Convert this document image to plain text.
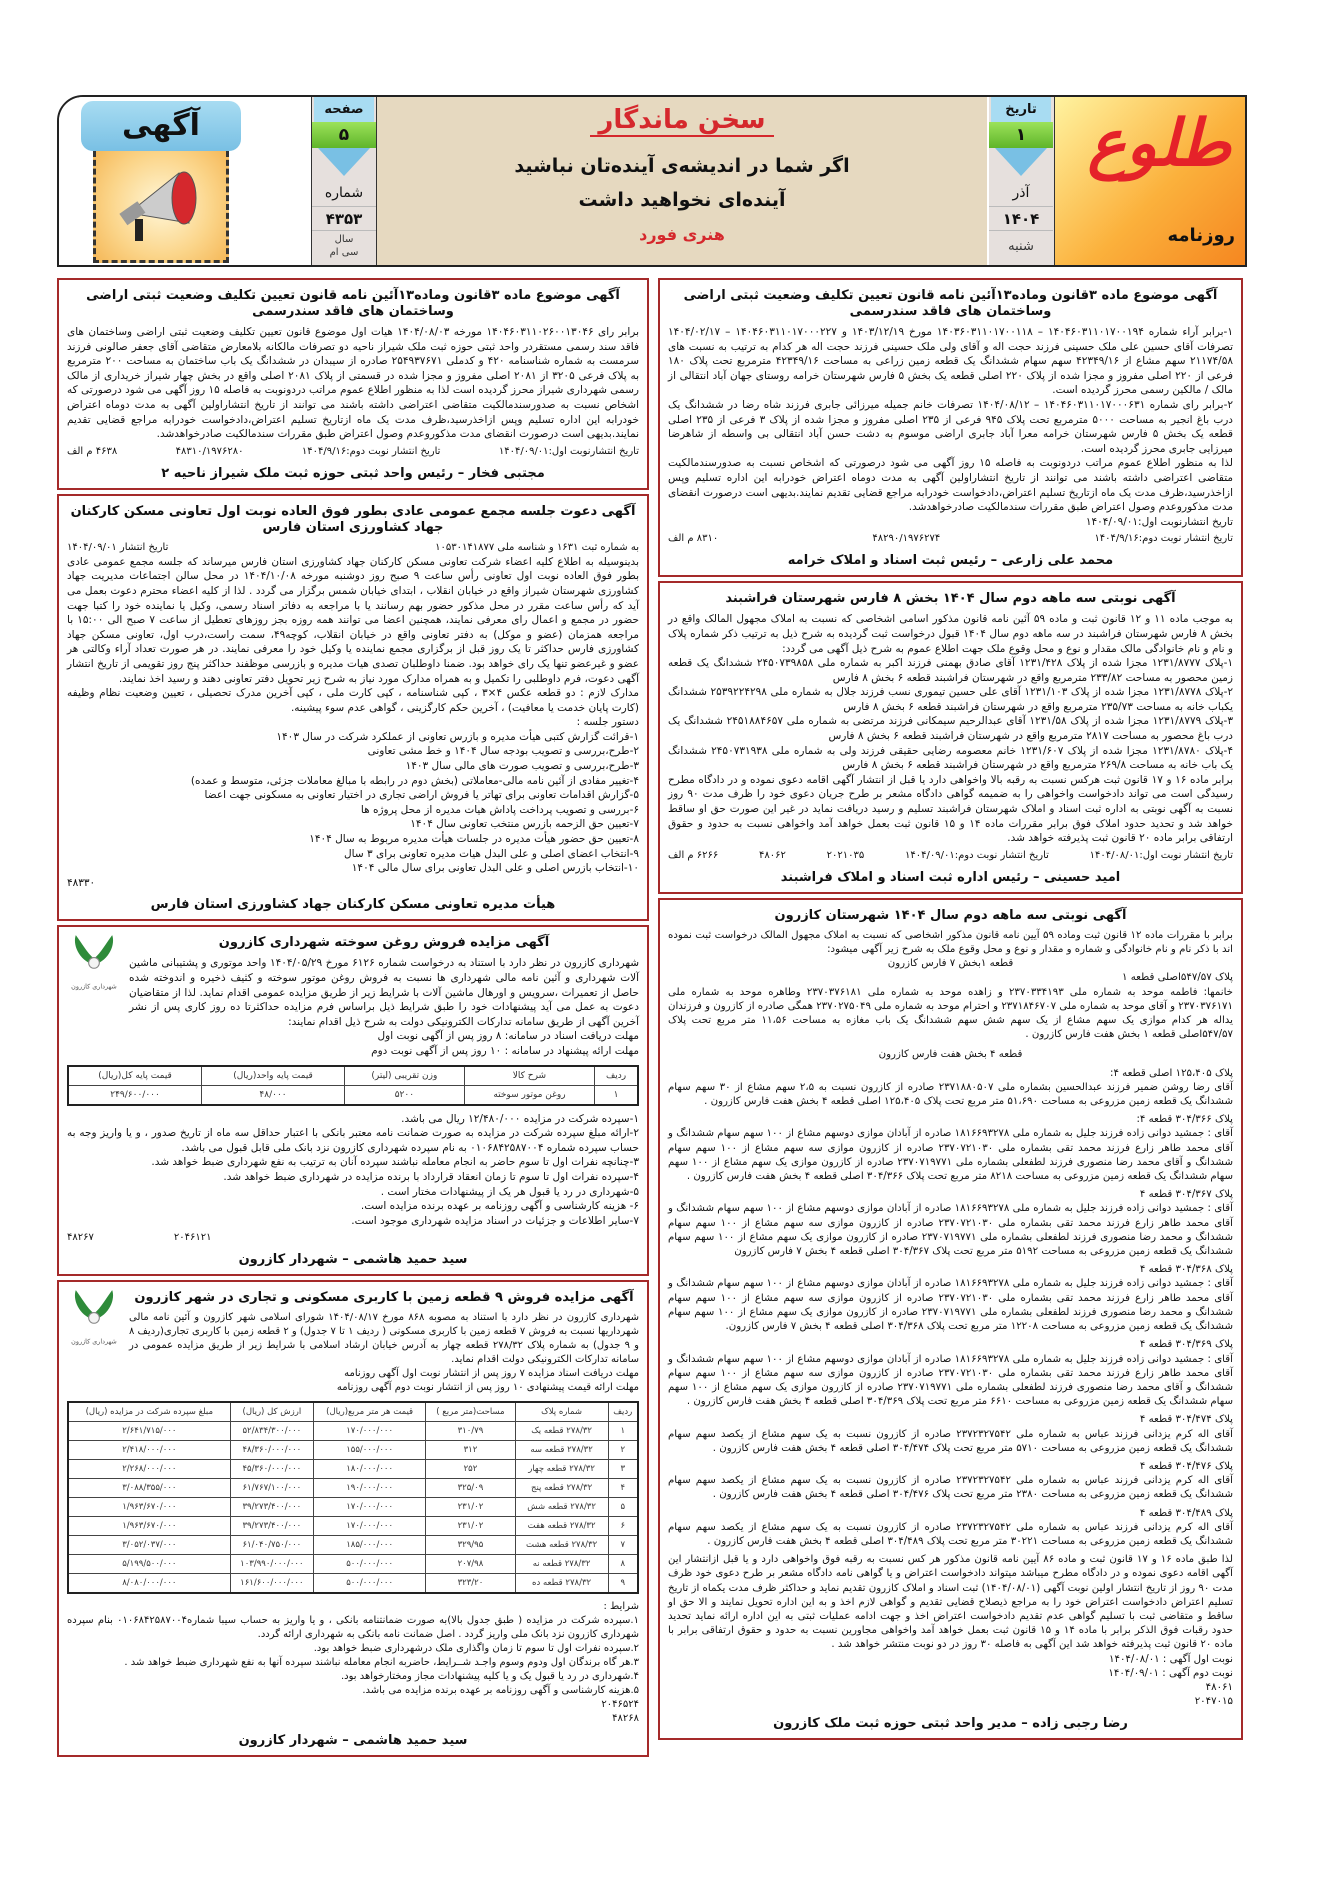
آگهی	صفحه
۵
شماره
۴۳۵۳
سال
سی ام
سخن ماندگار
اگر شما در اندیشه‌ی آینده‌تان نباشید
آینده‌ای نخواهید داشت
هنری فورد
تاریخ
۱
آذر
۱۴۰۴
شنبه
طلوع
روزنامه
آگهی موضوع ماده ۳قانون وماده۱۳آئین نامه قانون تعیین تکلیف وضعیت ثبتی اراضی وساختمان های فاقد سندرسمی

۱-برابر آراء شماره ۱۴۰۴۶۰۳۱۱۰۱۷۰۰۱۹۴ – ۱۴۰۳۶۰۳۱۱۰۱۷۰۰۱۱۸ مورخ ۱۴۰۳/۱۲/۱۹ و ۱۴۰۴۶۰۳۱۱۰۱۷۰۰۰۲۲۷ – ۱۴۰۴/۰۲/۱۷ تصرفات آقای حسین علی ملک حسینی فرزند حجت اله و آقای ولی ملک حسینی فرزند حجت اله هر کدام به ترتیب به نسبت های ۲۱۱۷۴/۵۸ سهم مشاع از ۴۲۳۴۹/۱۶ سهم سهام ششدانگ یک قطعه زمین زراعی به مساحت ۴۲۳۴۹/۱۶ مترمربع تحت پلاک ۱۸۰ فرعی از ۲۲۰ اصلی مفروز و مجزا شده از پلاک ۲۲۰ اصلی قطعه یک بخش ۵ فارس شهرستان خرامه روستای جهان آباد انتقالی از مالک / مالکین رسمی محرز گردیده است.

۲-برابر رای شماره ۱۴۰۴۶۰۳۱۱۰۱۷۰۰۰۶۳۱ – ۱۴۰۴/۰۸/۱۲ تصرفات خانم جمیله میرزائی جابری فرزند شاه رضا در ششدانگ یک درب باغ انجیر به مساحت ۵۰۰۰ مترمربع تحت پلاک ۹۴۵ فرعی از ۲۳۵ اصلی مفروز و مجزا شده از پلاک ۳ فرعی از ۲۳۵ اصلی قطعه یک بخش ۵ فارس شهرستان خرامه معرا آباد جابری اراضی موسوم به دشت حسن آباد انتقالی بی واسطه از شاهرضا میرزایی جابری محرز گردیده است.

لذا به منظور اطلاع عموم مراتب دردونوبت به فاصله ۱۵ روز آگهی می شود درصورتی که اشخاص نسبت به صدورسندمالکیت متقاضی اعتراضی داشته باشند می توانند از تاریخ انتشاراولین آگهی به مدت دوماه اعتراض خودرابه این اداره تسلیم وپس ازاخذرسید،ظرف مدت یک ماه ازتاریخ تسلیم اعتراض،دادخواست خودرابه مراجع قضایی تقدیم نمایند.بدیهی است درصورت انقضای مدت مذکوروعدم وصول اعتراض طبق مقررات سندمالکیت صادرخواهدشد.

تاریخ انتشارنوبت اول:۱۴۰۴/۰۹/۰۱

تاریخ انتشار نوبت دوم:۱۴۰۴/۹/۱۶
۴۸۲۹۰/۱۹۷۶۲۷۴
۸۳۱۰ م الف
محمد علی زارعی – رئیس ثبت اسناد و املاک خرامه
آگهی نوبتی سه ماهه دوم سال ۱۴۰۴ بخش ۸ فارس شهرستان فراشبند

به موجب ماده ۱۱ و ۱۲ قانون ثبت و ماده ۵۹ آئین نامه قانون مذکور اسامی اشخاصی که نسبت به املاک مجهول المالک واقع در بخش ۸ فارس شهرستان فراشبند در سه ماهه دوم سال ۱۴۰۴ قبول درخواست ثبت گردیده به شرح ذیل به ترتیب ذکر شماره پلاک و نام و نام خانوادگی مالک مقدار و نوع و محل وقوع ملک جهت اطلاع عموم به شرح ذیل آگهی می گردد:

۱-پلاک ۱۲۳۱/۸۷۷۷ مجزا شده از پلاک ۱۲۳۱/۴۲۸ آقای صادق بهمنی فرزند اکبر به شماره ملی ۲۴۵۰۷۳۹۸۵۸ ششدانگ یک قطعه زمین محصور به مساحت ۲۳۳/۸۲ مترمربع واقع در شهرستان فراشبند قطعه ۶ بخش ۸ فارس

۲-پلاک ۱۲۳۱/۸۷۷۸ مجزا شده از پلاک ۱۲۳۱/۱۰۳ آقای علی حسین تیموری نسب فرزند جلال به شماره ملی ۲۵۳۹۲۲۴۲۹۸ ششدانگ یکباب خانه به مساحت ۲۳۵/۷۳ مترمربع واقع در شهرستان فراشبند قطعه ۶ بخش ۸ فارس

۳-پلاک ۱۲۳۱/۸۷۷۹ مجزا شده از پلاک ۱۲۳۱/۵۸ آقای عبدالرحیم سیمکانی فرزند مرتضی به شماره ملی ۲۴۵۱۸۸۴۶۵۷ ششدانگ یک درب باغ محصور به مساحت ۲۸۱۷ مترمربع واقع در شهرستان فراشبند قطعه ۶ بخش ۸ فارس

۴-پلاک ۱۲۳۱/۸۷۸۰ مجزا شده از پلاک ۱۲۳۱/۶۰۷ خانم معصومه رضایی حقیقی فرزند ولی به شماره ملی ۲۴۵۰۷۳۱۹۳۸ ششدانگ یک باب خانه به مساحت ۲۶۹/۸ مترمربع واقع در شهرستان فراشبند قطعه ۶ بخش ۸ فارس

برابر ماده ۱۶ و ۱۷ قانون ثبت هرکس نسبت به رقبه بالا واخواهی دارد یا قبل از انتشار آگهی اقامه دعوی نموده و در دادگاه مطرح رسیدگی است می تواند دادخواست واخواهی را به ضمیمه گواهی دادگاه مشعر بر طرح جریان دعوی خود را ظرف مدت ۹۰ روز نسبت به آگهی نوبتی به اداره ثبت اسناد و املاک شهرستان فراشبند تسلیم و رسید دریافت نماید در غیر این صورت حق او ساقط خواهد شد و تحدید حدود املاک فوق برابر مقررات ماده ۱۴ و ۱۵ قانون ثبت بعمل خواهد آمد واخواهی نسبت به حدود و حقوق ارتفاقی برابر ماده ۲۰ قانون ثبت پذیرفته خواهد شد.

تاریخ انتشار نوبت اول:۱۴۰۴/۰۸/۰۱
تاریخ انتشار نوبت دوم:۱۴۰۴/۰۹/۰۱
۲۰۲۱۰۳۵
۴۸۰۶۲
۶۲۶۶ م الف
امید حسینی – رئیس اداره ثبت اسناد و املاک فراشبند
آگهی نوبتی سه ماهه دوم سال ۱۴۰۴ شهرستان کازرون

برابر با مقررات ماده ۱۲ قانون ثبت وماده ۵۹ آیین نامه قانون مذکور اشخاصی که نسبت به املاک مجهول المالک درخواست ثبت نموده اند با ذکر نام و نام خانوادگی و شماره و مقدار و نوع و محل وقوع ملک به شرح زیر آگهی میشود:

قطعه ۱بخش ۷ فارس کازرون

پلاک ۵۴۷/۵۷اصلی قطعه ۱

خانمها: فاطمه موحد به شماره ملی ۲۳۷۰۳۳۴۱۹۳ و زاهده موحد به شماره ملی ۲۳۷۰۳۷۶۱۸۱ وطاهره موحد به شماره ملی ۲۳۷۰۳۷۶۱۷۱ و آقای موحد به شماره ملی ۲۳۷۱۸۴۶۷۰۷ و احترام موحد به شماره ملی ۲۳۷۰۲۷۵۰۴۹ همگی صادره از کازرون و فرزندان یداله هر کدام موازی یک سهم مشاع از یک سهم شش سهم ششدانگ یک باب مغازه به مساحت ۱۱،۵۶ متر مربع تحت پلاک ۵۴۷/۵۷اصلی قطعه ۱ بخش هفت فارس کازرون .

قطعه ۴ بخش هفت فارس کازرون

پلاک ۱۲۵،۴۰۵ اصلی قطعه ۴:

آقای رضا روشن ضمیر فرزند عبدالحسین بشماره ملی ۲۳۷۱۸۸۰۵۰۷ صادره از کازرون نسبت به ۲،۵ سهم مشاع از ۳۰ سهم سهام ششدانگ یک قطعه زمین مزروعی به مساحت ۵۱،۶۹۰ متر مربع تحت پلاک ۱۲۵،۴۰۵ اصلی قطعه ۴ بخش هفت فارس کازرون .

پلاک ۳۰۴/۳۶۶ قطعه ۴:

آقای : جمشید دوانی زاده فرزند جلیل به شماره ملی ۱۸۱۶۶۹۳۲۷۸ صادره از آبادان موازی دوسهم مشاع از ۱۰۰ سهم سهام ششدانگ و آقای محمد طاهر زارع فرزند محمد تقی بشماره ملی ۲۳۷۰۷۲۱۰۳۰ صادره از کازرون موازی سه سهم مشاع از ۱۰۰ سهم سهام ششدانگ و آقای محمد رضا منصوری فرزند لطفعلی بشماره ملی ۲۳۷۰۷۱۹۷۷۱ صادره از کازرون موازی یک سهم مشاع از ۱۰۰ سهم سهام ششدانگ یک قطعه زمین مزروعی به مساحت ۸۲۱۸ متر مربع تحت پلاک ۳۰۴/۳۶۶ اصلی قطعه ۴ بخش هفت فارس کازرون .

پلاک ۳۰۴/۳۶۷ قطعه ۴

آقای : جمشید دوانی زاده فرزند جلیل به شماره ملی ۱۸۱۶۶۹۳۲۷۸ صادره از آبادان موازی دوسهم مشاع از ۱۰۰ سهم سهام ششدانگ و آقای محمد طاهر زارع فرزند محمد تقی بشماره ملی ۲۳۷۰۷۲۱۰۳۰ صادره از کازرون موازی سه سهم مشاع از ۱۰۰ سهم سهام ششدانگ و محمد رضا منصوری فرزند لطفعلی بشماره ملی ۲۳۷۰۷۱۹۷۷۱ صادره از کازرون موازی یک سهم مشاع از ۱۰۰ سهم سهام ششدانگ یک قطعه زمین مزروعی به مساحت ۵۱۹۲ متر مربع تحت پلاک ۳۰۴/۳۶۷ اصلی قطعه ۴ بخش ۷ فارس کازرون

پلاک ۳۰۴/۳۶۸ قطعه ۴

آقای : جمشید دوانی زاده فرزند جلیل به شماره ملی ۱۸۱۶۶۹۳۲۷۸ صادره از آبادان موازی دوسهم مشاع از ۱۰۰ سهم سهام ششدانگ و آقای محمد طاهر زارع فرزند محمد تقی بشماره ملی ۲۳۷۰۷۲۱۰۳۰ صادره از کازرون موازی سه سهم مشاع از ۱۰۰ سهم سهام ششدانگ و محمد رضا منصوری فرزند لطفعلی بشماره ملی ۲۳۷۰۷۱۹۷۷۱ صادره از کازرون موازی یک سهم مشاع از ۱۰۰ سهم سهام ششدانگ یک قطعه زمین مزروعی به مساحت ۱۲۲۰۸ متر مربع تحت پلاک ۳۰۴/۳۶۸ اصلی قطعه ۴ بخش ۷ فارس کازرون.

پلاک ۳۰۴/۳۶۹ قطعه ۴

آقای : جمشید دوانی زاده فرزند جلیل به شماره ملی ۱۸۱۶۶۹۳۲۷۸ صادره از آبادان موازی دوسهم مشاع از ۱۰۰ سهم سهام ششدانگ و آقای محمد طاهر زارع فرزند محمد تقی بشماره ملی ۲۳۷۰۷۲۱۰۳۰ صادره از کازرون موازی سه سهم مشاع از ۱۰۰ سهم سهام ششدانگ و آقای محمد رضا منصوری فرزند لطفعلی بشماره ملی ۲۳۷۰۷۱۹۷۷۱ صادره از کازرون موازی یک سهم مشاع از ۱۰۰ سهم سهام ششدانگ یک قطعه زمین مزروعی به مساحت ۶۶۱۰ متر مربع تحت پلاک ۳۰۴/۳۶۹ اصلی قطعه ۴ بخش هفت فارس کازرون .

پلاک ۳۰۴/۴۷۴ قطعه ۴

آقای اله کرم یزدانی فرزند عباس به شماره ملی ۲۳۷۲۳۲۷۵۴۲ صادره از کازرون نسبت به یک سهم مشاع از یکصد سهم سهام ششدانگ یک قطعه زمین مزروعی به مساحت ۵۷۱۰ متر مربع تحت پلاک ۳۰۴/۴۷۴ اصلی قطعه ۴ بخش هفت فارس کازرون .

پلاک ۳۰۴/۴۷۶ قطعه ۴

آقای اله کرم یزدانی فرزند عباس به شماره ملی ۲۳۷۲۳۲۷۵۴۲ صادره از کازرون نسبت به یک سهم مشاع از یکصد سهم سهام ششدانگ یک قطعه زمین مزروعی به مساحت ۲۳۸۰ متر مربع تحت پلاک ۳۰۴/۴۷۶ اصلی قطعه ۴ بخش هفت فارس کازرون .

پلاک ۳۰۴/۴۸۹ قطعه ۴

آقای اله کرم یزدانی فرزند عباس به شماره ملی ۲۳۷۲۳۲۷۵۴۲ صادره از کازرون نسبت به یک سهم مشاع از یکصد سهم سهام ششدانگ یک قطعه زمین مزروعی به مساحت ۳۰۲۲۱ متر مربع تحت پلاک ۳۰۴/۴۸۹ اصلی قطعه ۴ بخش هفت فارس کازرون .

لذا طبق ماده ۱۶ و ۱۷ قانون ثبت و ماده ۸۶ آیین نامه قانون مذکور هر کس نسبت به رقبه فوق واخواهی دارد و یا قبل ازانتشار این آگهی اقامه دعوی نموده و در دادگاه مطرح میباشد میتواند دادخواست اعتراض و یا گواهی نامه دادگاه مشعر بر طرح دعوی خود ظرف مدت ۹۰ روز از تاریخ انتشار اولین نوبت آگهی (۱۴۰۴/۰۸/۰۱) ثبت اسناد و املاک کازرون تقدیم نماید و حداکثر ظرف مدت یکماه از تاریخ تسلیم اعتراض دادخواست اعتراض خود را به مراجع ذیصلاح قضایی تقدیم و گواهی لازم اخذ و به این اداره تحویل نمایند و الا حق او ساقط و متقاضی ثبت با تسلیم گواهی عدم تقدیم دادخواست اعتراض اخذ و جهت ادامه عملیات ثبتی به این اداره ارائه نماید تحدید حدود رقبات فوق الذکر برابر با ماده ۱۴ و ۱۵ قانون ثبت بعمل خواهد آمد واخواهی مجاورین نسبت به حدود و حقوق ارتفاقی برابر با ماده ۲۰ قانون ثبت پذیرفته خواهد شد این آگهی به فاصله ۳۰ روز در دو نوبت منتشر خواهد شد .

نوبت اول آگهی : ۱۴۰۴/۰۸/۰۱

نوبت دوم آگهی : ۱۴۰۴/۰۹/۰۱

۴۸۰۶۱

۲۰۴۷۰۱۵

رضا رجبی زاده – مدیر واحد ثبتی حوزه ثبت ملک کازرون
آگهی موضوع ماده ۳قانون وماده۱۳آئین نامه قانون تعیین تکلیف وضعیت ثبتی اراضی وساختمان های فاقد سندرسمی

برابر رای ۱۴۰۴۶۰۳۱۱۰۲۶۰۰۱۳۰۴۶ مورخه ۱۴۰۴/۰۸/۰۳ هیات اول موضوع قانون تعیین تکلیف وضعیت ثبتی اراضی وساختمان های فاقد سند رسمی مستقردر واحد ثبتی حوزه ثبت ملک شیراز ناحیه دو تصرفات مالکانه بلامعارض متقاضی آقای جعفر صالونی فرزند سرمست به شماره شناسنامه ۴۲۰ و کدملی ۲۵۴۹۳۷۶۷۱ صادره از سیبدان در ششدانگ یک باب ساختمان به مساحت ۲۰۰ مترمربع به پلاک فرعی ۳۲۰۵ از ۲۰۸۱ اصلی مفروز و مجزا شده در قسمتی از پلاک ۲۰۸۱ اصلی واقع در بخش چهار شیراز خریداری از مالک رسمی شهرداری شیراز محرز گردیده است لذا به منظور اطلاع عموم مراتب دردونوبت به فاصله ۱۵ روز آگهی می شود درصورتی که اشخاص نسبت به صدورسندمالکیت متقاضی اعتراضی داشته باشند می توانند از تاریخ انتشاراولین آگهی به مدت دوماه اعتراض خودرابه این اداره تسلیم وپس ازاخذرسید،ظرف مدت یک ماه ازتاریخ تسلیم اعتراض،دادخواست خودرابه مراجع قضایی تقدیم نمایند.بدیهی است درصورت انقضای مدت مذکوروعدم وصول اعتراض طبق مقررات سندمالکیت صادرخواهدشد.

تاریخ انتشارنوبت اول:۱۴۰۴/۰۹/۰۱
تاریخ انتشار نوبت دوم:۱۴۰۴/۹/۱۶
۴۸۳۱۰/۱۹۷۶۲۸۰
۴۶۳۸ م الف
مجتبی فخار – رئیس واحد ثبتی حوزه ثبت ملک شیراز ناحیه ۲
آگهی دعوت جلسه مجمع عمومی عادی بطور فوق العاده نوبت اول تعاونی مسکن کارکنان جهاد کشاورزی استان فارس
به شماره ثبت ۱۶۳۱ و شناسه ملی ۱۰۵۳۰۱۴۱۸۷۷
تاریخ انتشار ۱۴۰۴/۰۹/۰۱

بدینوسیله به اطلاع کلیه اعضاء شرکت تعاونی مسکن کارکنان جهاد کشاورزی استان فارس میرساند که جلسه مجمع عمومی عادی بطور فوق العاده نوبت اول تعاونی رأس ساعت ۹ صبح روز دوشنبه مورخه ۱۴۰۴/۱۰/۰۸ در محل سالن اجتماعات مدیریت جهاد کشاورزی شهرستان شیراز واقع در خیابان انقلاب ، ابتدای خیابان شمس برگزار می گردد . لذا از کلیه اعضاء محترم دعوت بعمل می آید که رأس ساعت مقرر در محل مذکور حضور بهم رسانند یا با مراجعه به دفاتر اسناد رسمی، وکیل یا نماینده خود را کتبا جهت حضور در مجمع و اعمال رای معرفی نمایند، همچنین اعضا می توانند همه روزه بجز روزهای تعطیل از ساعت ۷ صبح الی ۱۵:۰۰ با مراجعه همزمان (عضو و موکل) به دفتر تعاونی واقع در خیابان انقلاب، کوچه۴۹، سمت راست،درب اول، تعاونی مسکن جهاد کشاورزی فارس حداکثر تا یک روز قبل از برگزاری مجمع نماینده یا وکیل خود را معرفی نمایند. در هر صورت تعداد آراء وکالتی هر عضو و غیرعضو تنها یک رای خواهد بود. ضمنا داوطلبان تصدی هیات مدیره و بازرسی موظفند حداکثر پنج روز تقویمی از تاریخ انتشار آگهی دعوت، فرم داوطلبی را تکمیل و به همراه مدارک مورد نیاز به شرح زیر تحویل دفتر تعاونی دهند و رسید اخذ نمایند.

مدارک لازم : دو قطعه عکس ۴×۳ ، کپی شناسنامه ، کپی کارت ملی ، کپی آخرین مدرک تحصیلی ، تعیین وضعیت نظام وظیفه (کارت پایان خدمت یا معافیت) ، آخرین حکم کارگزینی ، گواهی عدم سوء پیشینه.

دستور جلسه :

۱-قرائت گزارش کتبی هیأت مدیره و بازرس تعاونی از عملکرد شرکت در سال ۱۴۰۳

۲-طرح،بررسی و تصویب بودجه سال ۱۴۰۴ و خط مشی تعاونی

۳-طرح،بررسی و تصویب صورت های مالی سال ۱۴۰۳

۴-تغییر مفادی از آئین نامه مالی-معاملاتی (بخش دوم در رابطه با مبالغ معاملات جزئی، متوسط و عمده)

۵-گزارش اقدامات تعاونی برای تهاتر یا فروش اراضی تجاری در اختیار تعاونی به مسکونی جهت اعضا

۶-بررسی و تصویب پرداخت پاداش هیات مدیره از محل پروژه ها

۷-تعیین حق الزحمه بازرس منتخب تعاونی سال ۱۴۰۴

۸-تعیین حق حضور هیأت مدیره در جلسات هیأت مدیره مربوط به سال ۱۴۰۴

۹-انتخاب اعضای اصلی و علی البدل هیات مدیره تعاونی برای ۳ سال

۱۰-انتخاب بازرس اصلی و علی البدل تعاونی برای سال مالی ۱۴۰۴

۴۸۳۳۰

هیأت مدیره تعاونی مسکن کارکنان جهاد کشاورزی استان فارس
آگهی مزایده فروش روغن سوخته شهرداری کازرون

شهرداری کازرون در نظر دارد با استناد به درخواست شماره ۶۱۲۶ مورخ ۱۴۰۴/۰۵/۲۹ واحد موتوری و پشتیبانی ماشین آلات شهرداری و آئین نامه مالی شهرداری ها نسبت به فروش روغن موتور سوخته و کثیف ذخیره و اندوخته شده حاصل از تعمیرات ،سرویس و اورهال ماشین آلات با شرایط زیر از طریق مزایده عمومی اقدام نماید. لذا از متقاضیان دعوت به عمل می آید پیشنهادات خود را طبق شرایط ذیل براساس فرم مزایده حداکثرتا ده روز کاری پس از نشر آخرین آگهی از طریق سامانه تدارکات الکترونیکی دولت به شرح ذیل اقدام نمایند:

مهلت دریافت اسناد در سامانه: ۸ روز پس از آگهی نوبت اول

مهلت ارائه پیشنهاد در سامانه : ۱۰ روز پس از آگهی نوبت دوم

شهرداری کازرون
ردیف	شرح کالا	وزن تقریبی (لیتر)	قیمت پایه واحد(ریال)	قیمت پایه کل(ریال)
۱	روغن موتور سوخته	۵۲۰۰	۴۸/۰۰۰	۲۴۹/۶۰۰/۰۰۰

۱-سپرده شرکت در مزایده ۱۲/۴۸۰/۰۰۰ ریال می باشد.

۲-ارائه مبلغ سپرده شرکت در مزایده به صورت ضمانت نامه معتبر بانکی با اعتبار حداقل سه ماه از تاریخ صدور ، و یا واریز وجه به حساب سپرده شماره ۰۱۰۶۸۴۲۵۸۷۰۰۴ به نام سپرده شهرداری کازرون نزد بانک ملی قابل قبول می باشد.

۳-چنانچه نفرات اول تا سوم حاضر به انجام معامله نباشند سپرده آنان به ترتیب به نفع شهرداری ضبط خواهد شد.

۴-سپرده نفرات اول تا سوم تا زمان انعقاد قرارداد با برنده مزایده در شهرداری ضبط خواهد شد.

۵-شهرداری در رد یا قبول هر یک از پیشنهادات مختار است .

۶- هزینه کارشناسی و آگهی روزنامه بر عهده برنده مزایده است.

۷-سایر اطلاعات و جزئیات در اسناد مزایده شهرداری موجود است.

۴۸۲۶۷	۲۰۴۶۱۲۱
سید حمید هاشمی – شهردار کازرون
آگهی مزایده فروش ۹ قطعه زمین با کاربری مسکونی و تجاری در شهر کازرون

شهرداری کازرون در نظر دارد با استناد به مصوبه ۸۶۸ مورخ ۱۴۰۴/۰۸/۱۷ شورای اسلامی شهر کازرون و آئین نامه مالی شهرداریها نسبت به فروش ۷ قطعه زمین با کاربری مسکونی ( ردیف ۱ تا ۷ جدول) و ۲ قطعه زمین با کاربری تجاری(ردیف ۸ و ۹ جدول) به شماره پلاک ۲۷۸/۳۲ قطعه چهار به آدرس خیابان ارشاد اسلامی با شرایط زیر از طریق مزایده عمومی در سامانه تدارکات الکترونیکی دولت اقدام نماید.

مهلت دریافت اسناد مزایده ۷ روز پس از انتشار نوبت اول آگهی روزنامه

مهلت ارائه قیمت پیشنهادی ۱۰ روز پس از انتشار نوبت دوم آگهی روزنامه

شهرداری کازرون
ردیف	شماره پلاک	مساحت(متر مربع )	قیمت هر متر مربع(ریال)	ارزش کل (ریال)	مبلغ سپرده شرکت در مزایده (ریال)
۱	۲۷۸/۳۲ قطعه یک	۳۱۰/۷۹	۱۷۰/۰۰۰/۰۰۰	۵۲/۸۳۴/۳۰۰/۰۰۰	۲/۶۴۱/۷۱۵/۰۰۰
۲	۲۷۸/۳۲ قطعه سه	۳۱۲	۱۵۵/۰۰۰/۰۰۰	۴۸/۳۶۰/۰۰۰/۰۰۰	۲/۴۱۸/۰۰۰/۰۰۰
۳	۲۷۸/۳۲ قطعه چهار	۲۵۲	۱۸۰/۰۰۰/۰۰۰	۴۵/۳۶۰/۰۰۰/۰۰۰	۲/۲۶۸/۰۰۰/۰۰۰
۴	۲۷۸/۳۲ قطعه پنج	۳۲۵/۰۹	۱۹۰/۰۰۰/۰۰۰	۶۱/۷۶۷/۱۰۰/۰۰۰	۳/۰۸۸/۳۵۵/۰۰۰
۵	۲۷۸/۳۲ قطعه شش	۲۳۱/۰۲	۱۷۰/۰۰۰/۰۰۰	۳۹/۲۷۳/۴۰۰/۰۰۰	۱/۹۶۳/۶۷۰/۰۰۰
۶	۲۷۸/۳۲ قطعه هفت	۲۳۱/۰۲	۱۷۰/۰۰۰/۰۰۰	۳۹/۲۷۳/۴۰۰/۰۰۰	۱/۹۶۳/۶۷۰/۰۰۰
۷	۲۷۸/۳۲ قطعه هشت	۳۲۹/۹۵	۱۸۵/۰۰۰/۰۰۰	۶۱/۰۴۰/۷۵۰/۰۰۰	۳/۰۵۲/۰۳۷/۰۰۰
۸	۲۷۸/۳۲ قطعه نه	۲۰۷/۹۸	۵۰۰/۰۰۰/۰۰۰	۱۰۳/۹۹۰/۰۰۰/۰۰۰	۵/۱۹۹/۵۰۰/۰۰۰
۹	۲۷۸/۳۲ قطعه ده	۳۲۳/۲۰	۵۰۰/۰۰۰/۰۰۰	۱۶۱/۶۰۰/۰۰۰/۰۰۰	۸/۰۸۰/۰۰۰/۰۰۰

شرایط :

۱.سپرده شرکت در مزایده ( طبق جدول بالا)به صورت ضمانتنامه بانکی ، و یا واریز به حساب سیبا شماره۰۱۰۶۸۴۲۵۸۷۰۰۴ بنام سپرده شهرداری کازرون نزد بانک ملی واریز گردد . اصل ضمانت نامه بانکی به شهرداری ارائه گردد.

۲.سپرده نفرات اول تا سوم تا زمان واگذاری ملک درشهرداری ضبط خواهد بود.

۳.هر گاه برندگان اول ودوم وسوم واجـد شــرایط، حاضربه انجام معامله نباشند سپرده آنها به نفع شهرداری ضبط خواهد شد .

۴.شهرداری در رد یا قبول یک و یا کلیه پیشنهادات مجاز ومختارخواهد بود.

۵.هزینه کارشناسی و آگهی روزنامه بر عهده برنده مزایده می باشد.

۲۰۴۶۵۲۴

۴۸۲۶۸

سید حمید هاشمی – شهردار کازرون
